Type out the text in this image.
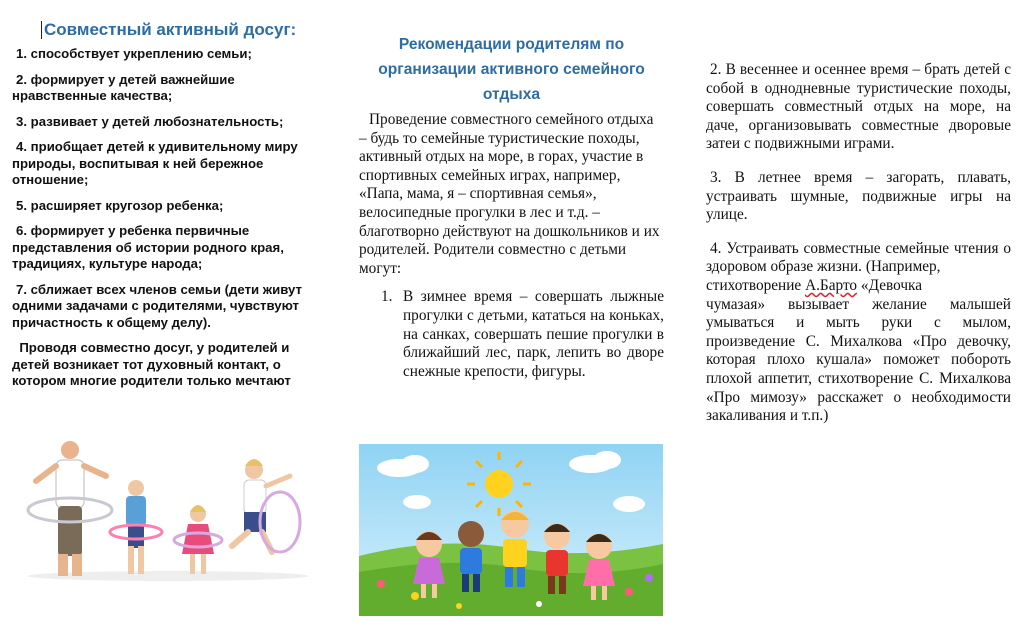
Совместный активный досуг:
1. способствует укреплению семьи;
2. формирует у детей важнейшие нравственные качества;
3. развивает у детей любознательность;
4. приобщает детей к удивительному миру природы, воспитывая к ней бережное отношение;
5. расширяет кругозор ребенка;
6. формирует у ребенка первичные представления об истории родного края, традициях, культуре народа;
7. сближает всех членов семьи (дети живут одними задачами с родителями, чувствуют причастность к общему делу).
Проводя совместно досуг, у родителей и детей возникает тот духовный контакт, о котором многие родители только мечтают
Рекомендации родителям по организации активного семейного отдыха
Проведение совместного семейного отдыха – будь то семейные туристические походы, активный отдых на море, в горах, участие в спортивных семейных играх, например, «Папа, мама, я – спортивная семья», велосипедные прогулки в лес и т.д. – благотворно действуют на дошкольников и их родителей. Родители совместно с детьми могут:
1. В зимнее время – совершать лыжные прогулки с детьми, кататься на коньках, на санках, совершать пешие прогулки в ближайший лес, парк, лепить во дворе снежные крепости, фигуры.
2. В весеннее и осеннее время – брать детей с собой в однодневные туристические походы, совершать совместный отдых на море, на даче, организовывать совместные дворовые затеи с подвижными играми.
3. В летнее время – загорать, плавать, устраивать шумные, подвижные игры на улице.
4. Устраивать совместные семейные чтения о здоровом образе жизни. (Например,
стихотворение А.Барто «Девочка
чумазая» вызывает желание малышей умываться и мыть руки с мылом, произведение С. Михалкова «Про девочку, которая плохо кушала» поможет побороть плохой аппетит, стихотворение С. Михалкова «Про мимозу» расскажет о необходимости закаливания и т.п.)
